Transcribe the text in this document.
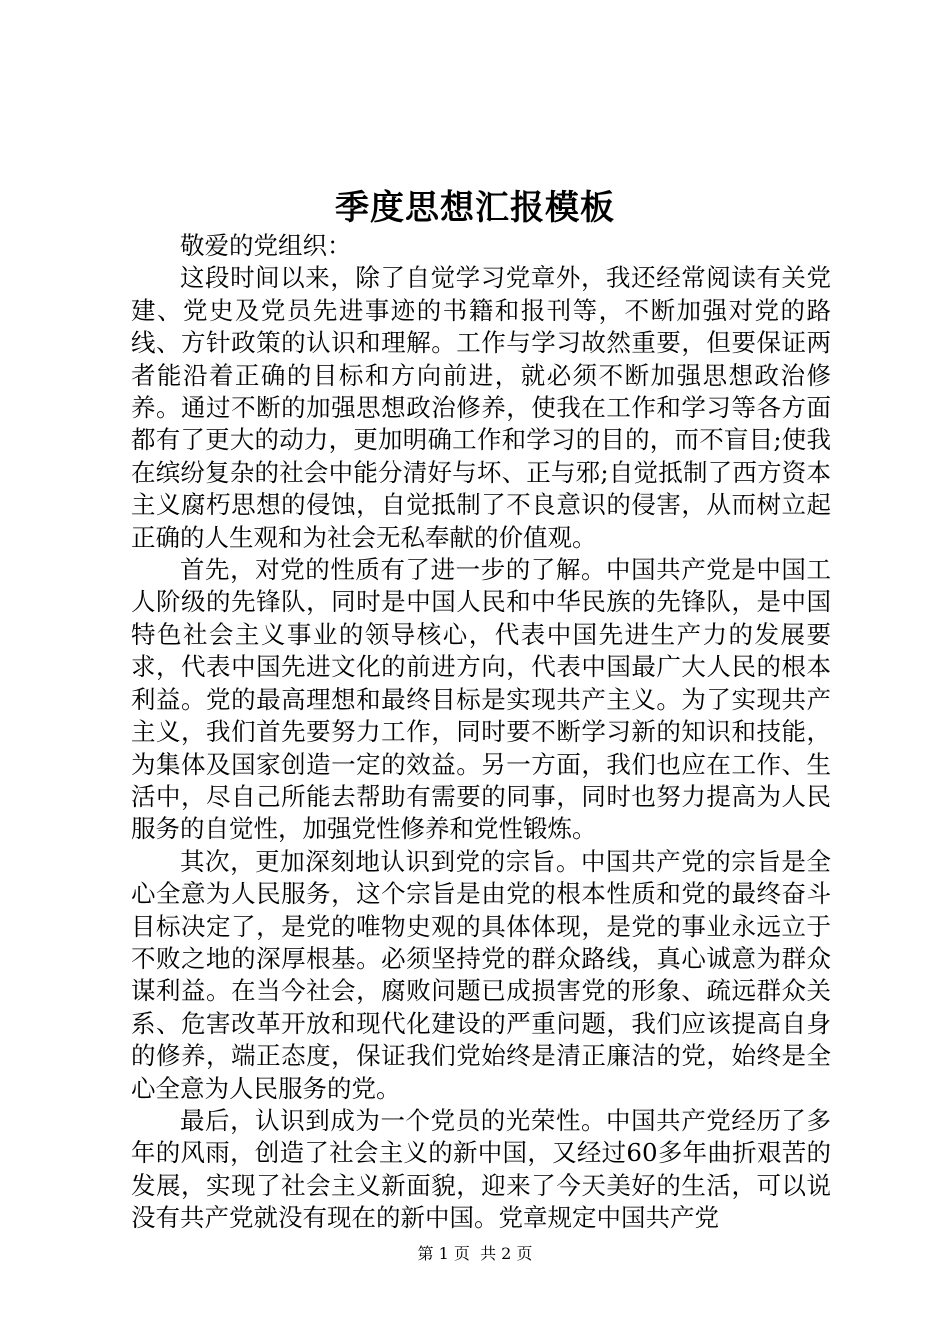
季度思想汇报模板

敬爱的党组织：

这段时间以来，除了自觉学习党章外，我还经常阅读有关党建、党史及党员先进事迹的书籍和报刊等，不断加强对党的路线、方针政策的认识和理解。工作与学习故然重要，但要保证两者能沿着正确的目标和方向前进，就必须不断加强思想政治修养。通过不断的加强思想政治修养，使我在工作和学习等各方面都有了更大的动力，更加明确工作和学习的目的，而不盲目;使我在缤纷复杂的社会中能分清好与坏、正与邪;自觉抵制了西方资本主义腐朽思想的侵蚀，自觉抵制了不良意识的侵害，从而树立起正确的人生观和为社会无私奉献的价值观。

首先，对党的性质有了进一步的了解。中国共产党是中国工人阶级的先锋队，同时是中国人民和中华民族的先锋队，是中国特色社会主义事业的领导核心，代表中国先进生产力的发展要求，代表中国先进文化的前进方向，代表中国最广大人民的根本利益。党的最高理想和最终目标是实现共产主义。为了实现共产主义，我们首先要努力工作，同时要不断学习新的知识和技能，为集体及国家创造一定的效益。另一方面，我们也应在工作、生活中，尽自己所能去帮助有需要的同事，同时也努力提高为人民服务的自觉性，加强党性修养和党性锻炼。

其次，更加深刻地认识到党的宗旨。中国共产党的宗旨是全心全意为人民服务，这个宗旨是由党的根本性质和党的最终奋斗目标决定了，是党的唯物史观的具体体现，是党的事业永远立于不败之地的深厚根基。必须坚持党的群众路线，真心诚意为群众谋利益。在当今社会，腐败问题已成损害党的形象、疏远群众关系、危害改革开放和现代化建设的严重问题，我们应该提高自身的修养，端正态度，保证我们党始终是清正廉洁的党，始终是全心全意为人民服务的党。

最后，认识到成为一个党员的光荣性。中国共产党经历了多年的风雨，创造了社会主义的新中国，又经过60多年曲折艰苦的发展，实现了社会主义新面貌，迎来了今天美好的生活，可以说没有共产党就没有现在的新中国。党章规定中国共产党

第 1 页  共 2 页
